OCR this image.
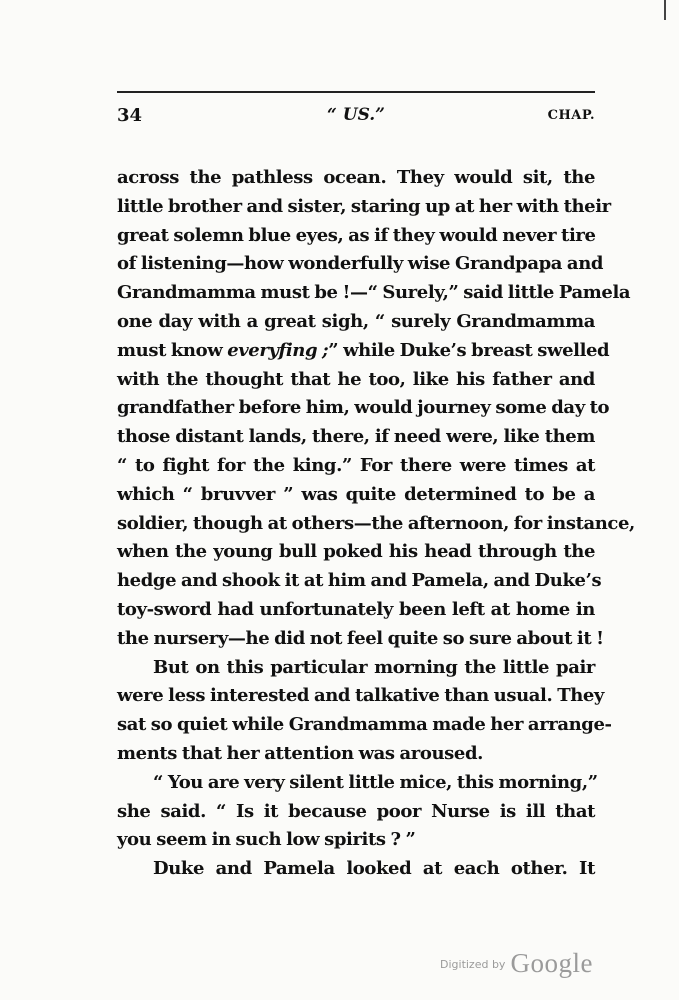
34	“ US.”	CHAP.
across the pathless ocean. They would sit, the
little brother and sister, staring up at her with their
great solemn blue eyes, as if they would never tire
of listening—how wonderfully wise Grandpapa and
Grandmamma must be !—“ Surely,” said little Pamela
one day with a great sigh, “ surely Grandmamma
must know everyfing ;” while Duke’s breast swelled
with the thought that he too, like his father and
grandfather before him, would journey some day to
those distant lands, there, if need were, like them
“ to fight for the king.” For there were times at
which “ bruvver ” was quite determined to be a
soldier, though at others—the afternoon, for instance,
when the young bull poked his head through the
hedge and shook it at him and Pamela, and Duke’s
toy-sword had unfortunately been left at home in
the nursery—he did not feel quite so sure about it !
But on this particular morning the little pair
were less interested and talkative than usual. They
sat so quiet while Grandmamma made her arrange-
ments that her attention was aroused.
“ You are very silent little mice, this morning,”
she said. “ Is it because poor Nurse is ill that
you seem in such low spirits ? ”
Duke and Pamela looked at each other. It
$^{Digitized by}$ Google
